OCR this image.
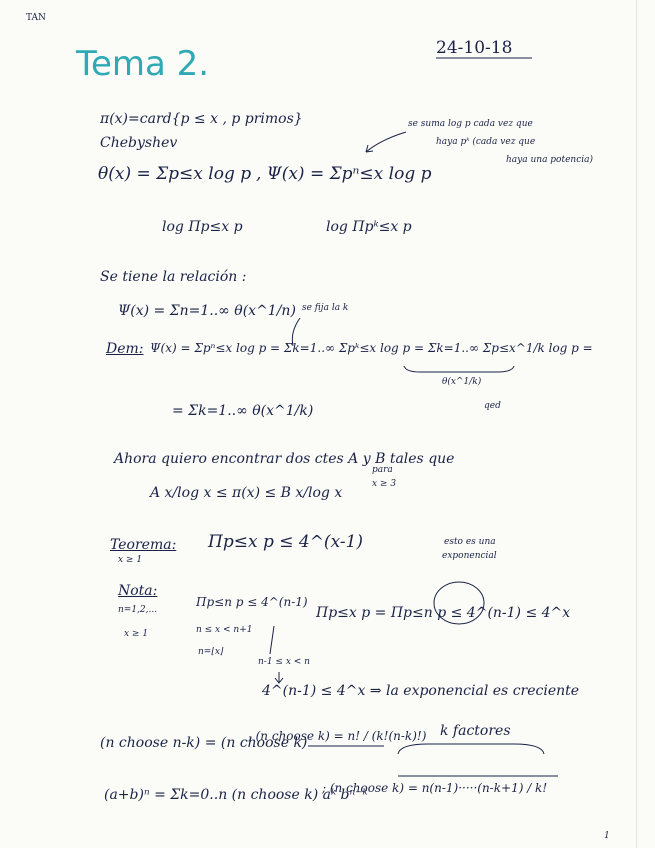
TAN
Tema 2.	24-10-18
π(x)=card{p ≤ x , p primos}
Chebyshev
se suma log p cada vez que
haya pᵏ (cada vez que
haya una potencia)
θ(x) = Σp≤x log p , Ψ(x) = Σpⁿ≤x log p
log Πp≤x p	log Πpᵏ≤x p
Se tiene la relación :
Ψ(x) = Σn=1..∞ θ(x^1/n) se fija la k
Dem: Ψ(x) = Σpⁿ≤x log p = Σk=1..∞ Σpᵏ≤x log p = Σk=1..∞ Σp≤x^1/k log p =
θ(x^1/k)
= Σk=1..∞ θ(x^1/k)	qed
Ahora quiero encontrar dos ctes A y B tales que
A x/log x ≤ π(x) ≤ B x/log x
para
x ≥ 3
Teorema:
x ≥ 1
Πp≤x p ≤ 4^(x-1)	esto es una
exponencial
Nota:
n=1,2,...
x ≥ 1
Πp≤n p ≤ 4^(n-1)
n ≤ x < n+1
n=⌊x⌋
Πp≤x p = Πp≤n p ≤ 4^(n-1) ≤ 4^x
n-1 ≤ x < n
4^(n-1) ≤ 4^x ⇒ la exponencial es creciente
(n choose n-k) = (n choose k)
, (n choose k) = n! / (k!(n-k)!) k factores
(a+b)ⁿ = Σk=0..n (n choose k) aᵏ bⁿ⁻ᵏ
; (n choose k) = n(n-1)·····(n-k+1) / k!
1
